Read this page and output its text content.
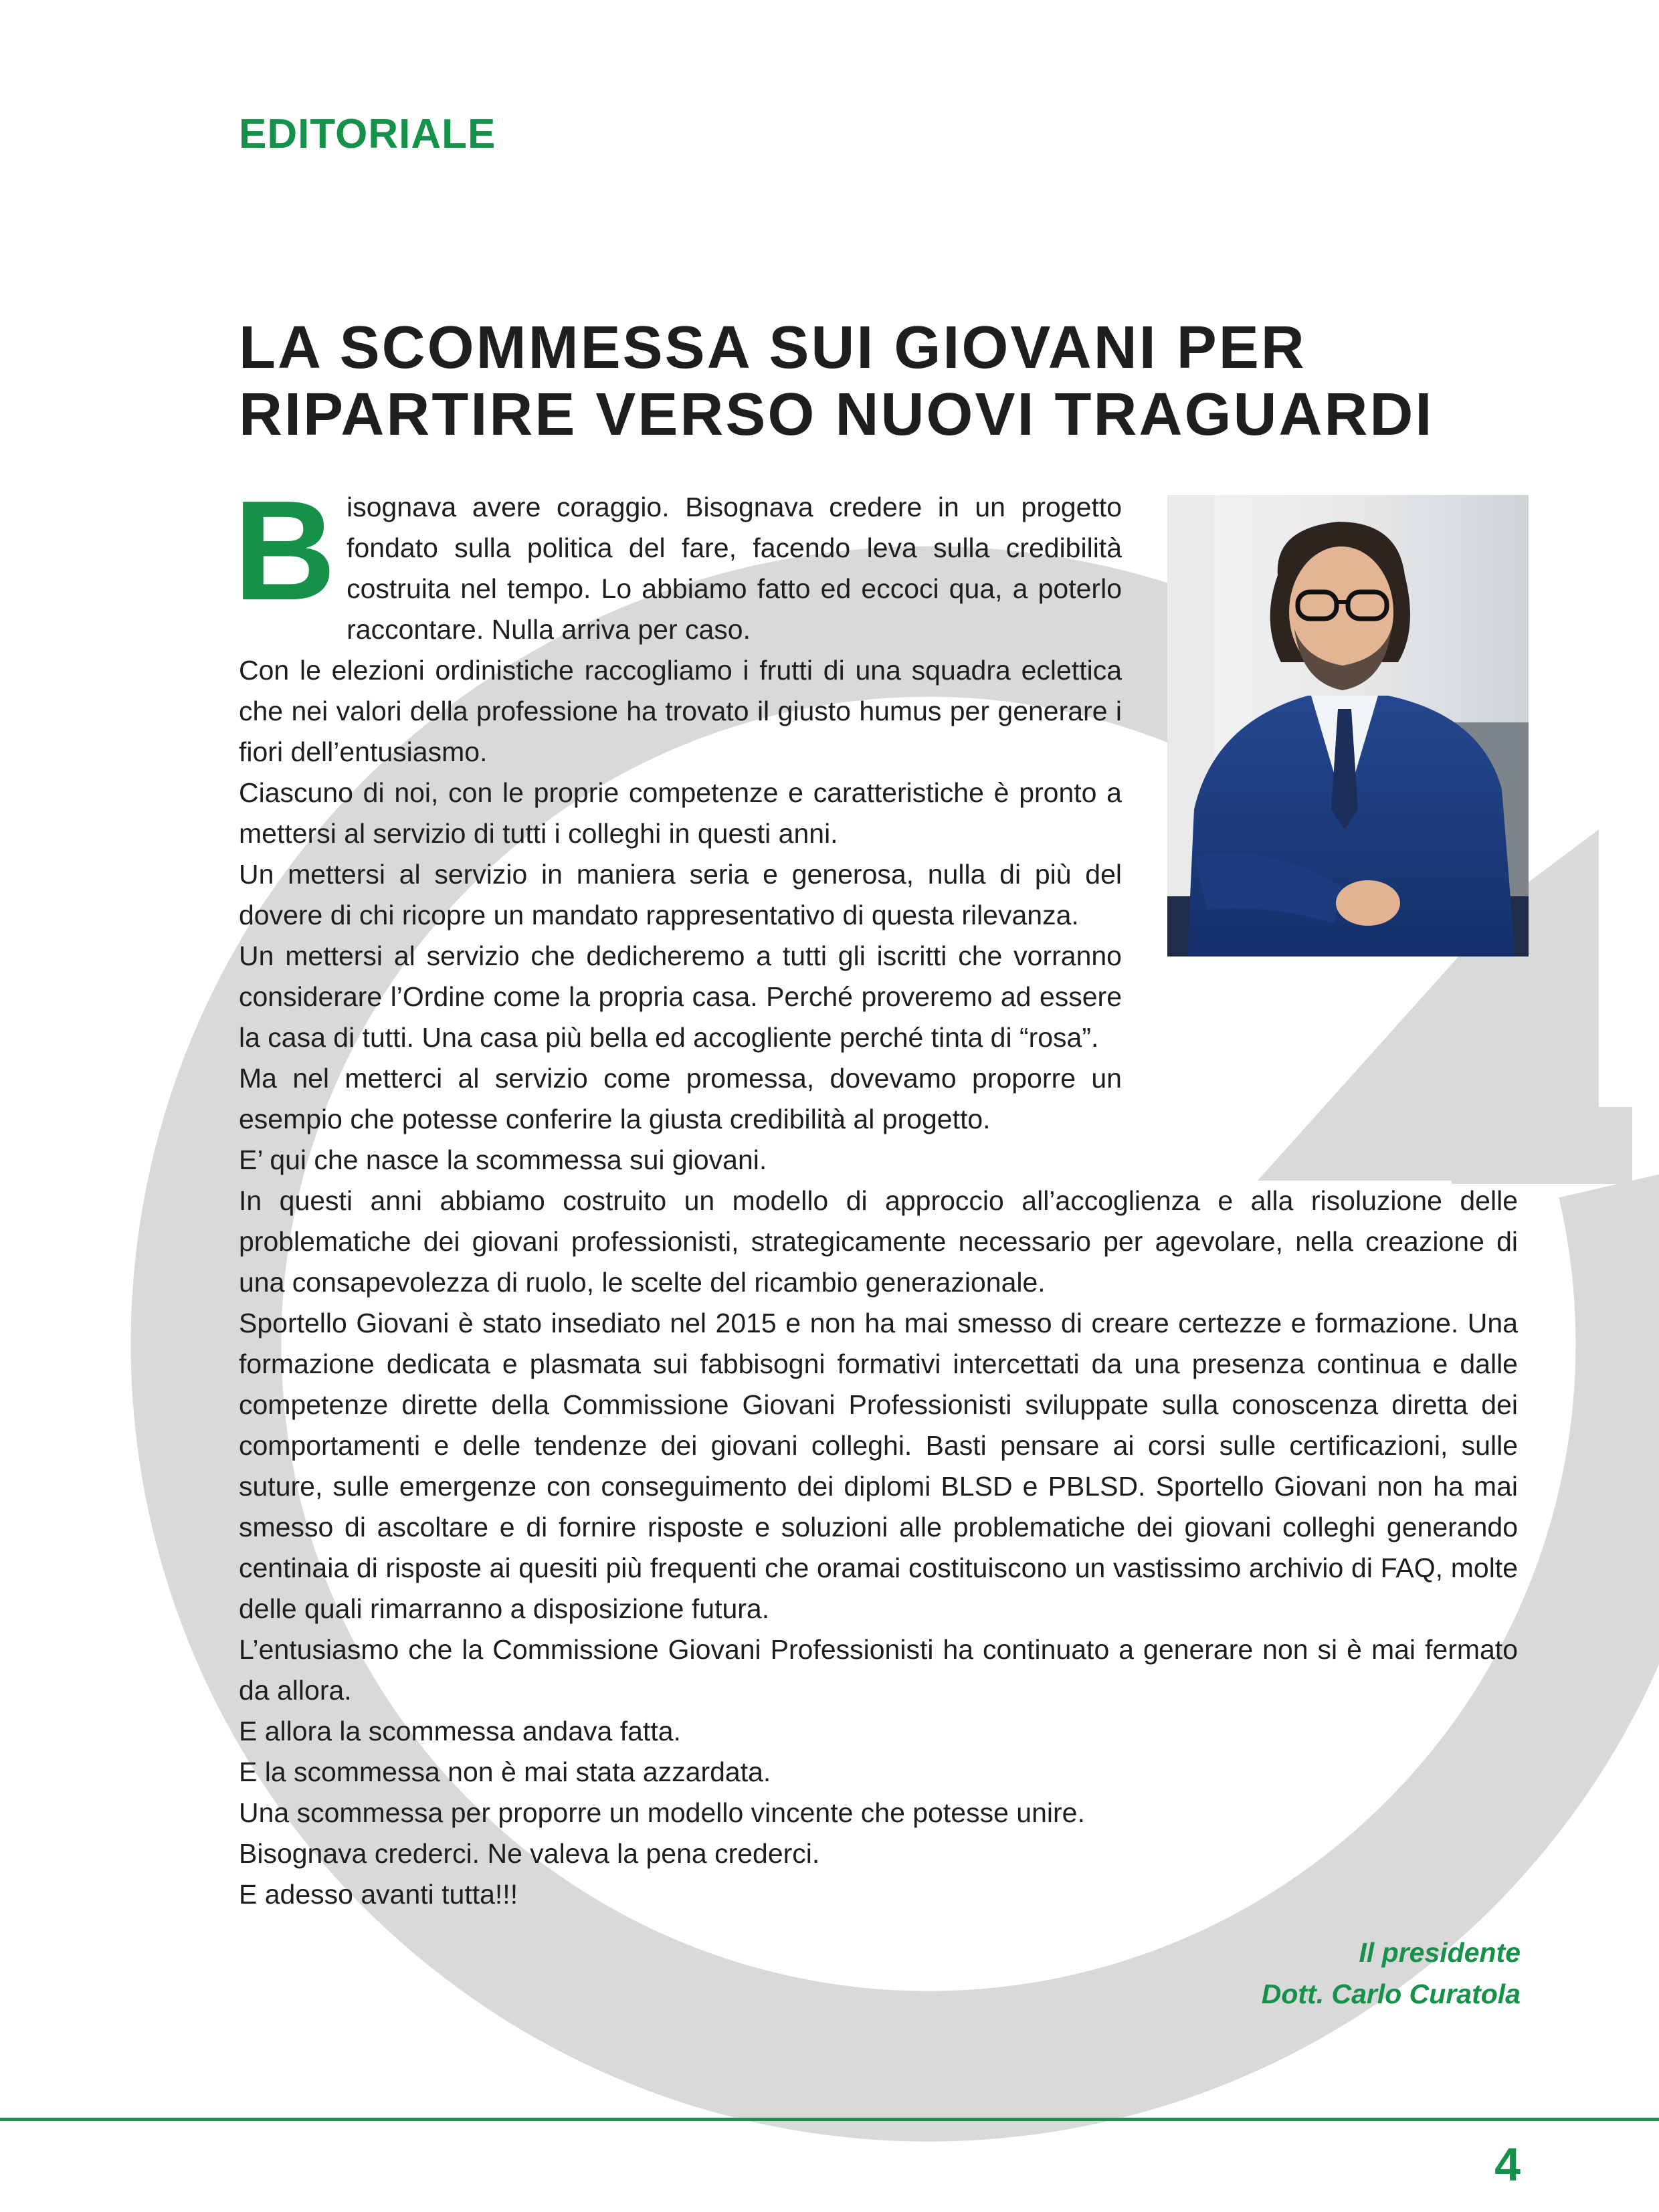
EDITORIALE
LA SCOMMESSA SUI GIOVANI PER
RIPARTIRE VERSO NUOVI TRAGUARDI
B isognava avere coraggio. Bisognava credere in un progetto fondato sulla politica del fare, facendo leva sulla credibilità costruita nel tempo. Lo abbiamo fatto ed eccoci qua, a poterlo raccontare. Nulla arriva per caso.

Con le elezioni ordinistiche raccogliamo i frutti di una squadra eclettica che nei valori della professione ha trovato il giusto humus per generare i fiori dell’entusiasmo.

Ciascuno di noi, con le proprie competenze e caratteristiche è pronto a mettersi al servizio di tutti i colleghi in questi anni.

Un mettersi al servizio in maniera seria e generosa, nulla di più del dovere di chi ricopre un mandato rappresentativo di questa rilevanza.

Un mettersi al servizio che dedicheremo a tutti gli iscritti che vorranno considerare l’Ordine come la propria casa. Perché proveremo ad essere la casa di tutti. Una casa più bella ed accogliente perché tinta di “rosa”.

Ma nel metterci al servizio come promessa, dovevamo proporre un esempio che potesse conferire la giusta credibilità al progetto.

E’ qui che nasce la scommessa sui giovani.

In questi anni abbiamo costruito un modello di approccio all’accoglienza e alla risoluzione delle problematiche dei giovani professionisti, strategicamente necessario per agevolare, nella creazione di una consapevolezza di ruolo, le scelte del ricambio generazionale.

Sportello Giovani è stato insediato nel 2015 e non ha mai smesso di creare certezze e formazione. Una formazione dedicata e plasmata sui fabbisogni formativi intercettati da una presenza continua e dalle competenze dirette della Commissione Giovani Professionisti sviluppate sulla conoscenza diretta dei comportamenti e delle tendenze dei giovani colleghi. Basti pensare ai corsi sulle certificazioni, sulle suture, sulle emergenze con conseguimento dei diplomi BLSD e PBLSD. Sportello Giovani non ha mai smesso di ascoltare e di fornire risposte e soluzioni alle problematiche dei giovani colleghi generando centinaia di risposte ai quesiti più frequenti che oramai costituiscono un vastissimo archivio di FAQ, molte delle quali rimarranno a disposizione futura.

L’entusiasmo che la Commissione Giovani Professionisti ha continuato a generare non si è mai fermato da allora.

E allora la scommessa andava fatta.

E la scommessa non è mai stata azzardata.

Una scommessa per proporre un modello vincente che potesse unire.

Bisognava crederci. Ne valeva la pena crederci.

E adesso avanti tutta!!!

Il presidente
Dott. Carlo Curatola
4
